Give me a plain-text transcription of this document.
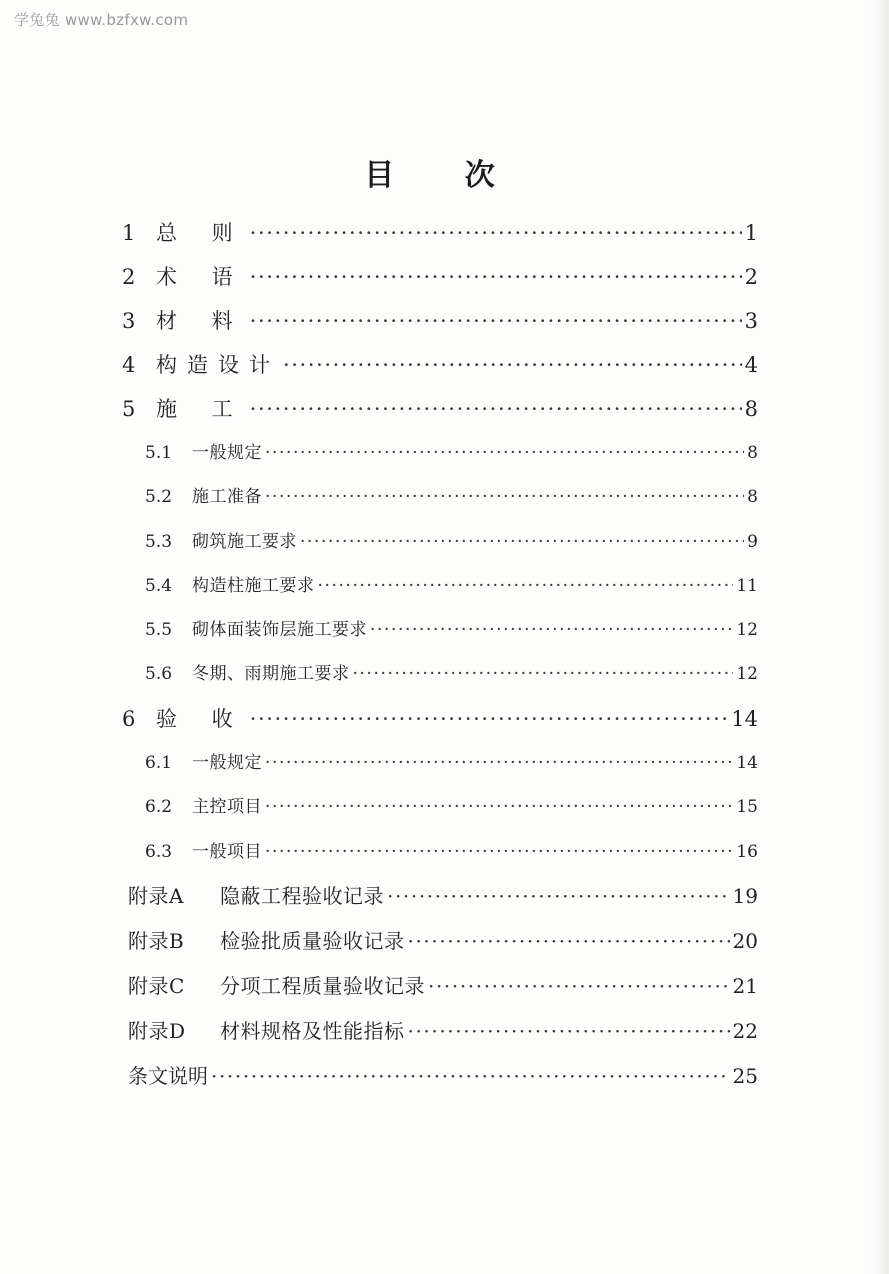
学兔兔 www.bzfxw.com
目 次
1 总 则 ·····	1
2 术 语 ·····	2
3 材 料 ·····	3
4 构造设计 ·····	4
5 施 工 ·····	8
5.1	一般规定 ·····	8
5.2	施工准备 ·····	8
5.3	砌筑施工要求 ·····	9
5.4	构造柱施工要求 ·····	11
5.5	砌体面装饰层施工要求 ·····	12
5.6	冬期、雨期施工要求 ·····	12
6 验 收 ·····	14
6.1	一般规定 ·····	14
6.2	主控项目 ·····	15
6.3	一般项目 ·····	16
附录A	隐蔽工程验收记录 ·····	19
附录B	检验批质量验收记录 ·····	20
附录C	分项工程质量验收记录 ·····	21
附录D	材料规格及性能指标 ·····	22
条文说明 ·····	25
